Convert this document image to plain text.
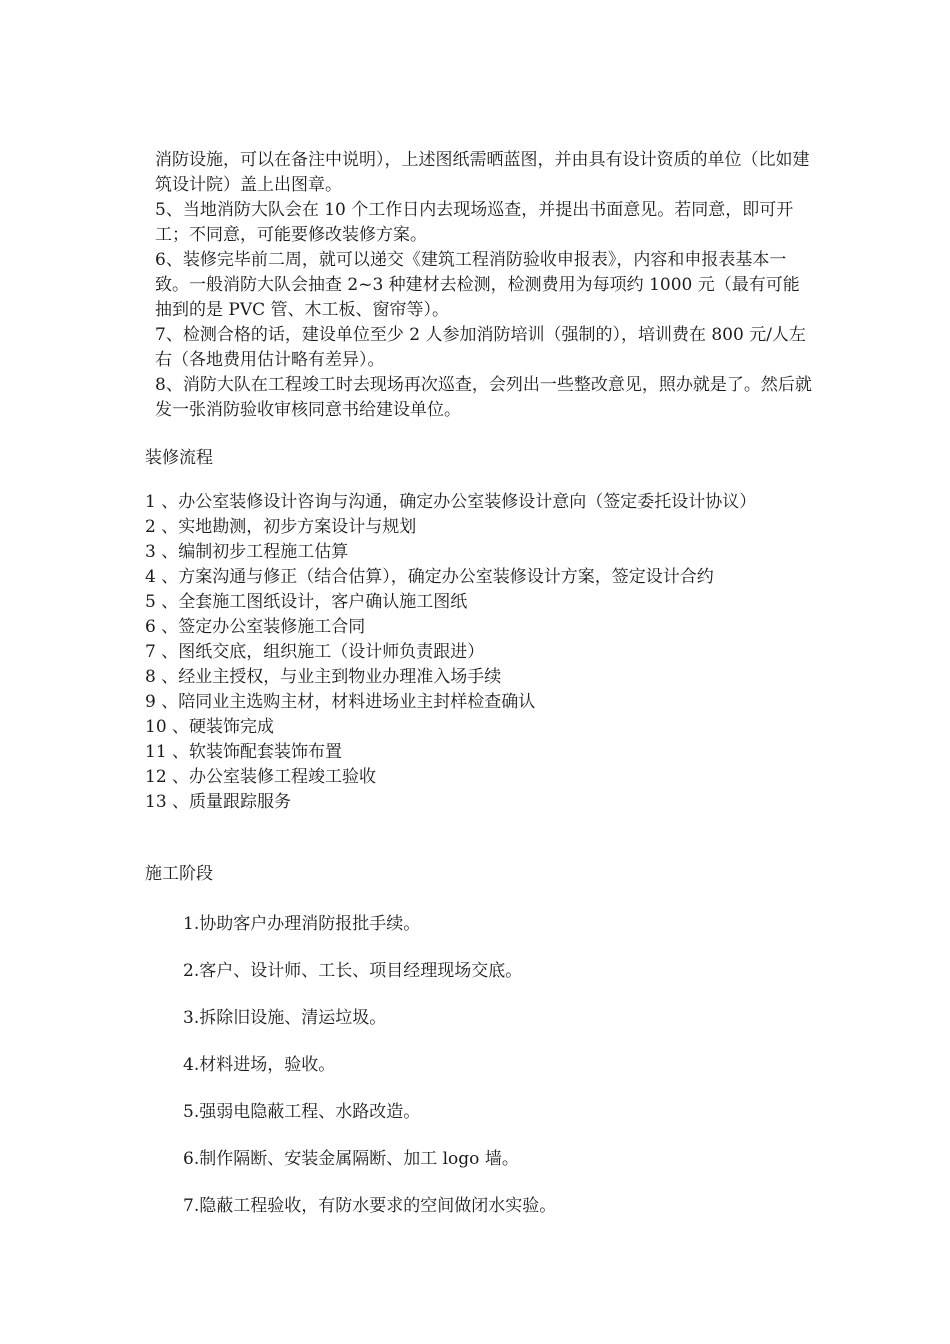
消防设施，可以在备注中说明），上述图纸需晒蓝图，并由具有设计资质的单位（比如建筑设计院）盖上出图章。

5、当地消防大队会在 10 个工作日内去现场巡查，并提出书面意见。若同意，即可开工；不同意，可能要修改装修方案。

6、装修完毕前二周，就可以递交《建筑工程消防验收申报表》，内容和申报表基本一致。一般消防大队会抽查 2~3 种建材去检测，检测费用为每项约 1000 元（最有可能抽到的是 PVC 管、木工板、窗帘等）。

7、检测合格的话，建设单位至少 2 人参加消防培训（强制的），培训费在 800 元/人左右（各地费用估计略有差异）。

8、消防大队在工程竣工时去现场再次巡查，会列出一些整改意见，照办就是了。然后就发一张消防验收审核同意书给建设单位。

装修流程
1 、办公室装修设计咨询与沟通，确定办公室装修设计意向（签定委托设计协议）
2 、实地勘测，初步方案设计与规划
3 、编制初步工程施工估算
4 、方案沟通与修正（结合估算），确定办公室装修设计方案，签定设计合约
5 、全套施工图纸设计，客户确认施工图纸
6 、签定办公室装修施工合同
7 、图纸交底，组织施工（设计师负责跟进）
8 、经业主授权，与业主到物业办理准入场手续
9 、陪同业主选购主材，材料进场业主封样检查确认
10 、硬装饰完成
11 、软装饰配套装饰布置
12 、办公室装修工程竣工验收
13 、质量跟踪服务
施工阶段
1.协助客户办理消防报批手续。
2.客户、设计师、工长、项目经理现场交底。
3.拆除旧设施、清运垃圾。
4.材料进场，验收。
5.强弱电隐蔽工程、水路改造。
6.制作隔断、安装金属隔断、加工 logo 墙。
7.隐蔽工程验收，有防水要求的空间做闭水实验。
